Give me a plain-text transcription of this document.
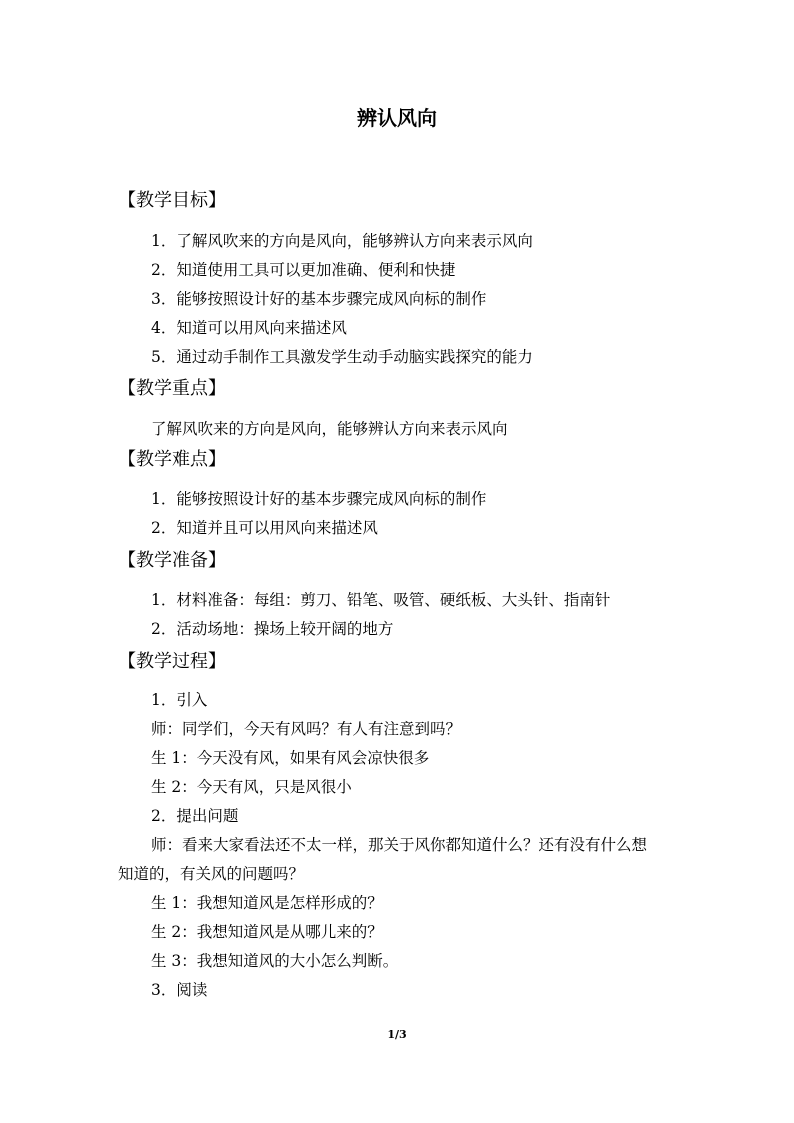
辨认风向
【教学目标】
1．了解风吹来的方向是风向，能够辨认方向来表示风向
2．知道使用工具可以更加准确、便利和快捷
3．能够按照设计好的基本步骤完成风向标的制作
4．知道可以用风向来描述风
5．通过动手制作工具激发学生动手动脑实践探究的能力
【教学重点】
了解风吹来的方向是风向，能够辨认方向来表示风向
【教学难点】
1．能够按照设计好的基本步骤完成风向标的制作
2．知道并且可以用风向来描述风
【教学准备】
1．材料准备：每组：剪刀、铅笔、吸管、硬纸板、大头针、指南针
2．活动场地：操场上较开阔的地方
【教学过程】
1．引入
师：同学们，今天有风吗？有人有注意到吗？
生 1：今天没有风，如果有风会凉快很多
生 2：今天有风，只是风很小
2．提出问题
师：看来大家看法还不太一样，那关于风你都知道什么？还有没有什么想
知道的，有关风的问题吗？
生 1：我想知道风是怎样形成的？
生 2：我想知道风是从哪儿来的？
生 3：我想知道风的大小怎么判断。
3．阅读
1/3
